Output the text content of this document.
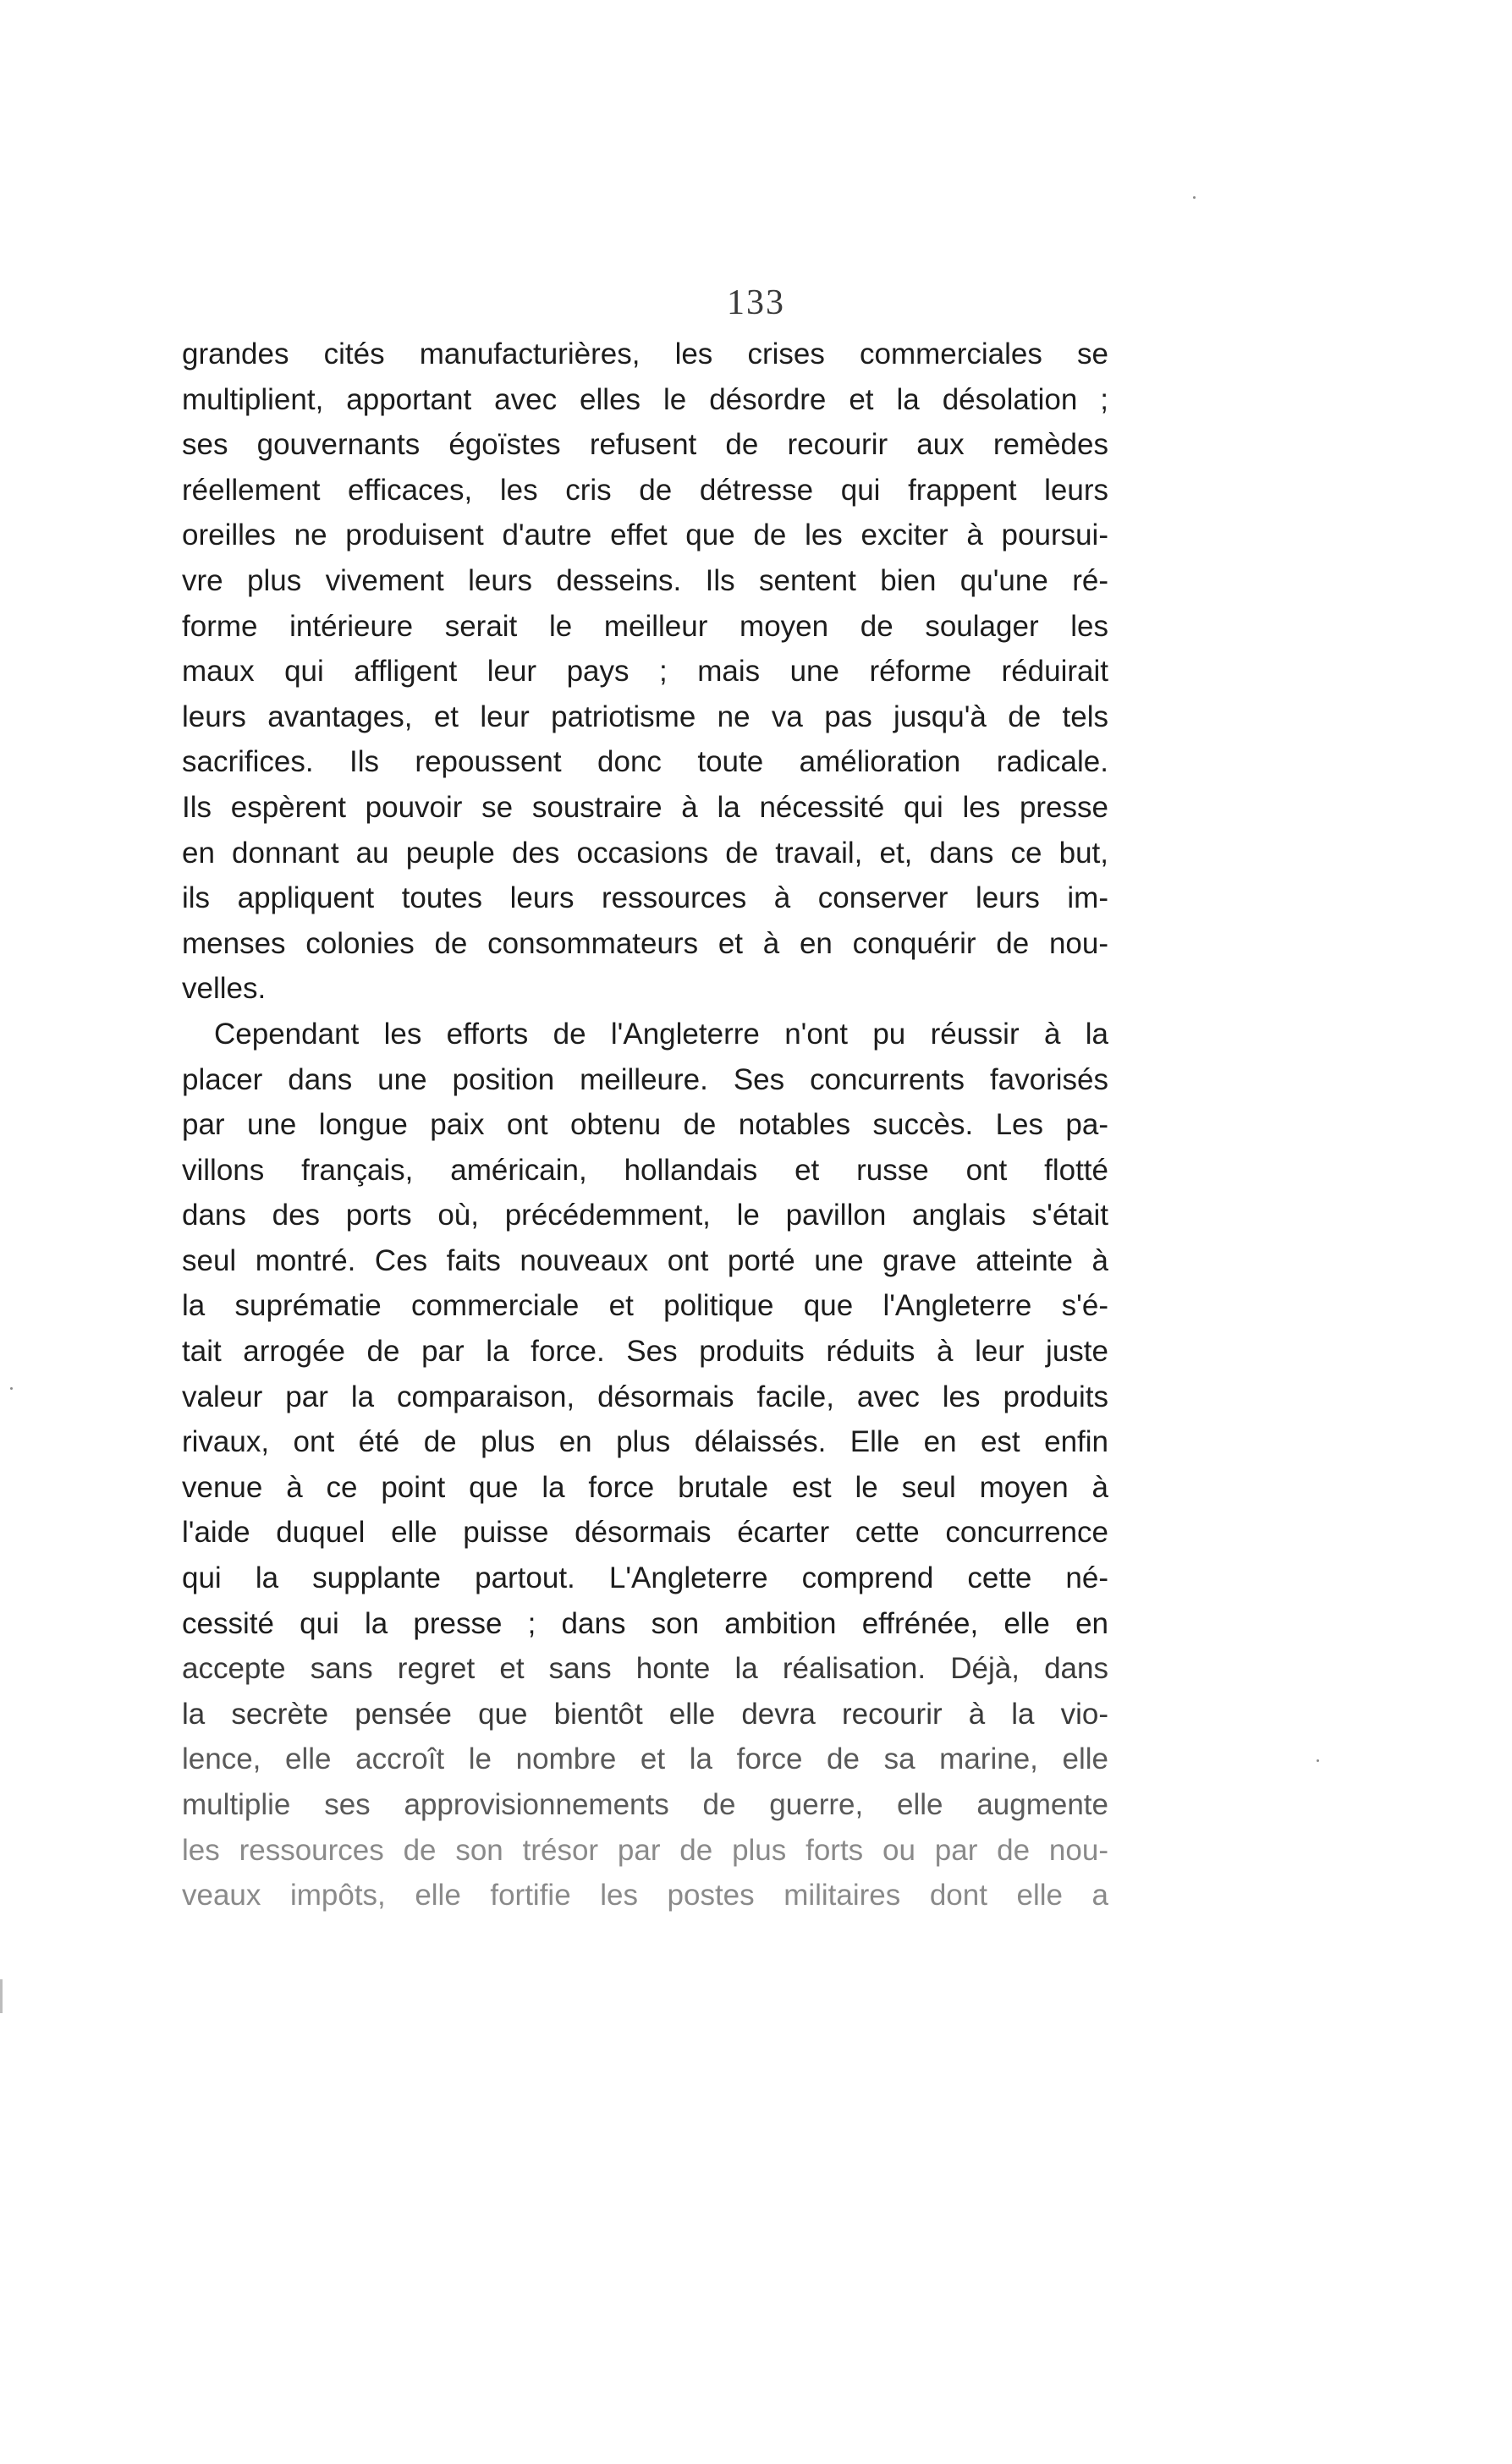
133
grandes cités manufacturières, les crises commerciales se
multiplient, apportant avec elles le désordre et la désolation ;
ses gouvernants égoïstes refusent de recourir aux remèdes
réellement efficaces, les cris de détresse qui frappent leurs
oreilles ne produisent d'autre effet que de les exciter à poursui-
vre plus vivement leurs desseins. Ils sentent bien qu'une ré-
forme intérieure serait le meilleur moyen de soulager les
maux qui affligent leur pays ; mais une réforme réduirait
leurs avantages, et leur patriotisme ne va pas jusqu'à de tels
sacrifices. Ils repoussent donc toute amélioration radicale.
Ils espèrent pouvoir se soustraire à la nécessité qui les presse
en donnant au peuple des occasions de travail, et, dans ce but,
ils appliquent toutes leurs ressources à conserver leurs im-
menses colonies de consommateurs et à en conquérir de nou-
velles.
Cependant les efforts de l'Angleterre n'ont pu réussir à la
placer dans une position meilleure. Ses concurrents favorisés
par une longue paix ont obtenu de notables succès. Les pa-
villons français, américain, hollandais et russe ont flotté
dans des ports où, précédemment, le pavillon anglais s'était
seul montré. Ces faits nouveaux ont porté une grave atteinte à
la suprématie commerciale et politique que l'Angleterre s'é-
tait arrogée de par la force. Ses produits réduits à leur juste
valeur par la comparaison, désormais facile, avec les produits
rivaux, ont été de plus en plus délaissés. Elle en est enfin
venue à ce point que la force brutale est le seul moyen à
l'aide duquel elle puisse désormais écarter cette concurrence
qui la supplante partout. L'Angleterre comprend cette né-
cessité qui la presse ; dans son ambition effrénée, elle en
accepte sans regret et sans honte la réalisation. Déjà, dans
la secrète pensée que bientôt elle devra recourir à la vio-
lence, elle accroît le nombre et la force de sa marine, elle
multiplie ses approvisionnements de guerre, elle augmente
les ressources de son trésor par de plus forts ou par de nou-
veaux impôts, elle fortifie les postes militaires dont elle a
